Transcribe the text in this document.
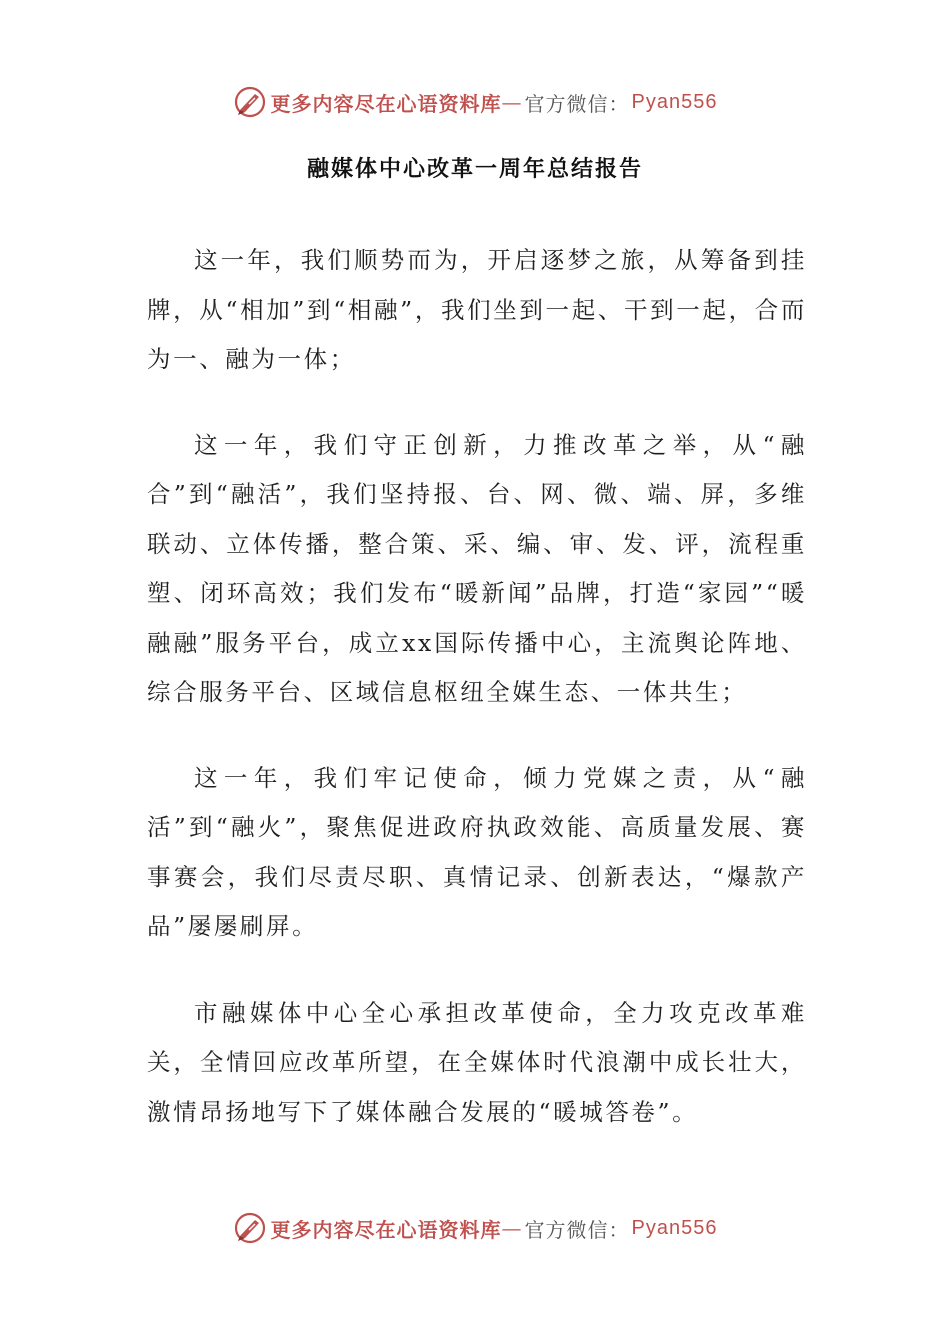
更多内容尽在心语资料库 — 官方微信： Pyan556
融媒体中心改革一周年总结报告

这一年，我们顺势而为，开启逐梦之旅，从筹备到挂牌，从“相加”到“相融”，我们坐到一起、干到一起，合而为一、融为一体；

这一年，我们守正创新，力推改革之举，从“融合”到“融活”，我们坚持报、台、网、微、端、屏，多维联动、立体传播，整合策、采、编、审、发、评，流程重塑、闭环高效；我们发布“暖新闻”品牌，打造“家园”“暖融融”服务平台，成立xx国际传播中心，主流舆论阵地、综合服务平台、区域信息枢纽全媒生态、一体共生；

这一年，我们牢记使命，倾力党媒之责，从“融活”到“融火”，聚焦促进政府执政效能、高质量发展、赛事赛会，我们尽责尽职、真情记录、创新表达，“爆款产品”屡屡刷屏。

市融媒体中心全心承担改革使命，全力攻克改革难关，全情回应改革所望，在全媒体时代浪潮中成长壮大，激情昂扬地写下了媒体融合发展的“暖城答卷”。

更多内容尽在心语资料库 — 官方微信： Pyan556
